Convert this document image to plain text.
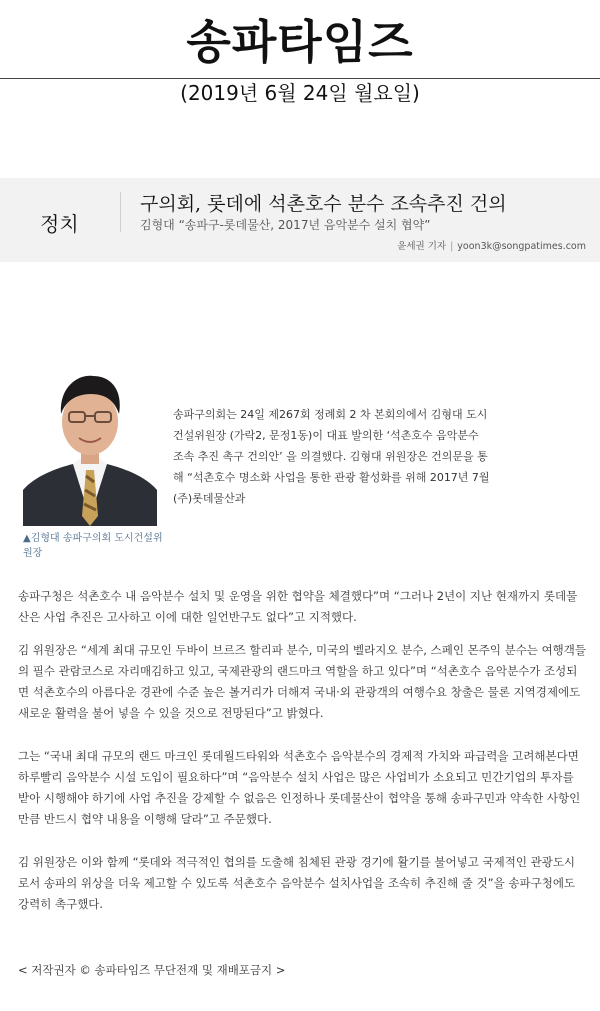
송파타임즈
(2019년 6월 24일 월요일)
정치
구의회, 롯데에 석촌호수 분수 조속추진 건의
김형대 “송파구-롯데물산, 2017년 음악분수 설치 협약”
윤세권 기자 | yoon3k@songpatimes.com
▲김형대 송파구의회 도시건설위원장
송파구의회는 24일 제267회 정례회 2 차 본회의에서 김형대 도시건설위원장 (가락2, 문정1동)이 대표 발의한 ‘석촌호수 음악분수 조속 추진 촉구 건의안’ 을 의결했다. 김형대 위원장은 건의문을 통해 “석촌호수 명소화 사업을 통한 관광 활성화를 위해 2017년 7월 (주)롯데물산과

송파구청은 석촌호수 내 음악분수 설치 및 운영을 위한 협약을 체결했다”며 “그러나 2년이 지난 현재까지 롯데물산은 사업 추진은 고사하고 이에 대한 일언반구도 없다”고 지적했다.

김 위원장은 “세계 최대 규모인 두바이 브르즈 할리파 분수, 미국의 벨라지오 분수, 스페인 몬주익 분수는 여행객들의 필수 관람코스로 자리매김하고 있고, 국제관광의 랜드마크 역할을 하고 있다”며 “석촌호수 음악분수가 조성되면 석촌호수의 아름다운 경관에 수준 높은 볼거리가 더해져 국내·외 관광객의 여행수요 창출은 물론 지역경제에도 새로운 활력을 불어 넣을 수 있을 것으로 전망된다”고 밝혔다.

그는 “국내 최대 규모의 랜드 마크인 롯데월드타워와 석촌호수 음악분수의 경제적 가치와 파급력을 고려해본다면 하루빨리 음악분수 시설 도입이 필요하다”며 “음악분수 설치 사업은 많은 사업비가 소요되고 민간기업의 투자를 받아 시행해야 하기에 사업 추진을 강제할 수 없음은 인정하나 롯데물산이 협약을 통해 송파구민과 약속한 사항인 만큼 반드시 협약 내용을 이행해 달라”고 주문했다.

김 위원장은 이와 함께 “롯데와 적극적인 협의를 도출해 침체된 관광 경기에 활기를 불어넣고 국제적인 관광도시로서 송파의 위상을 더욱 제고할 수 있도록 석촌호수 음악분수 설치사업을 조속히 추진해 줄 것”을 송파구청에도 강력히 촉구했다.

< 저작권자 © 송파타임즈 무단전재 및 재배포금지 >
